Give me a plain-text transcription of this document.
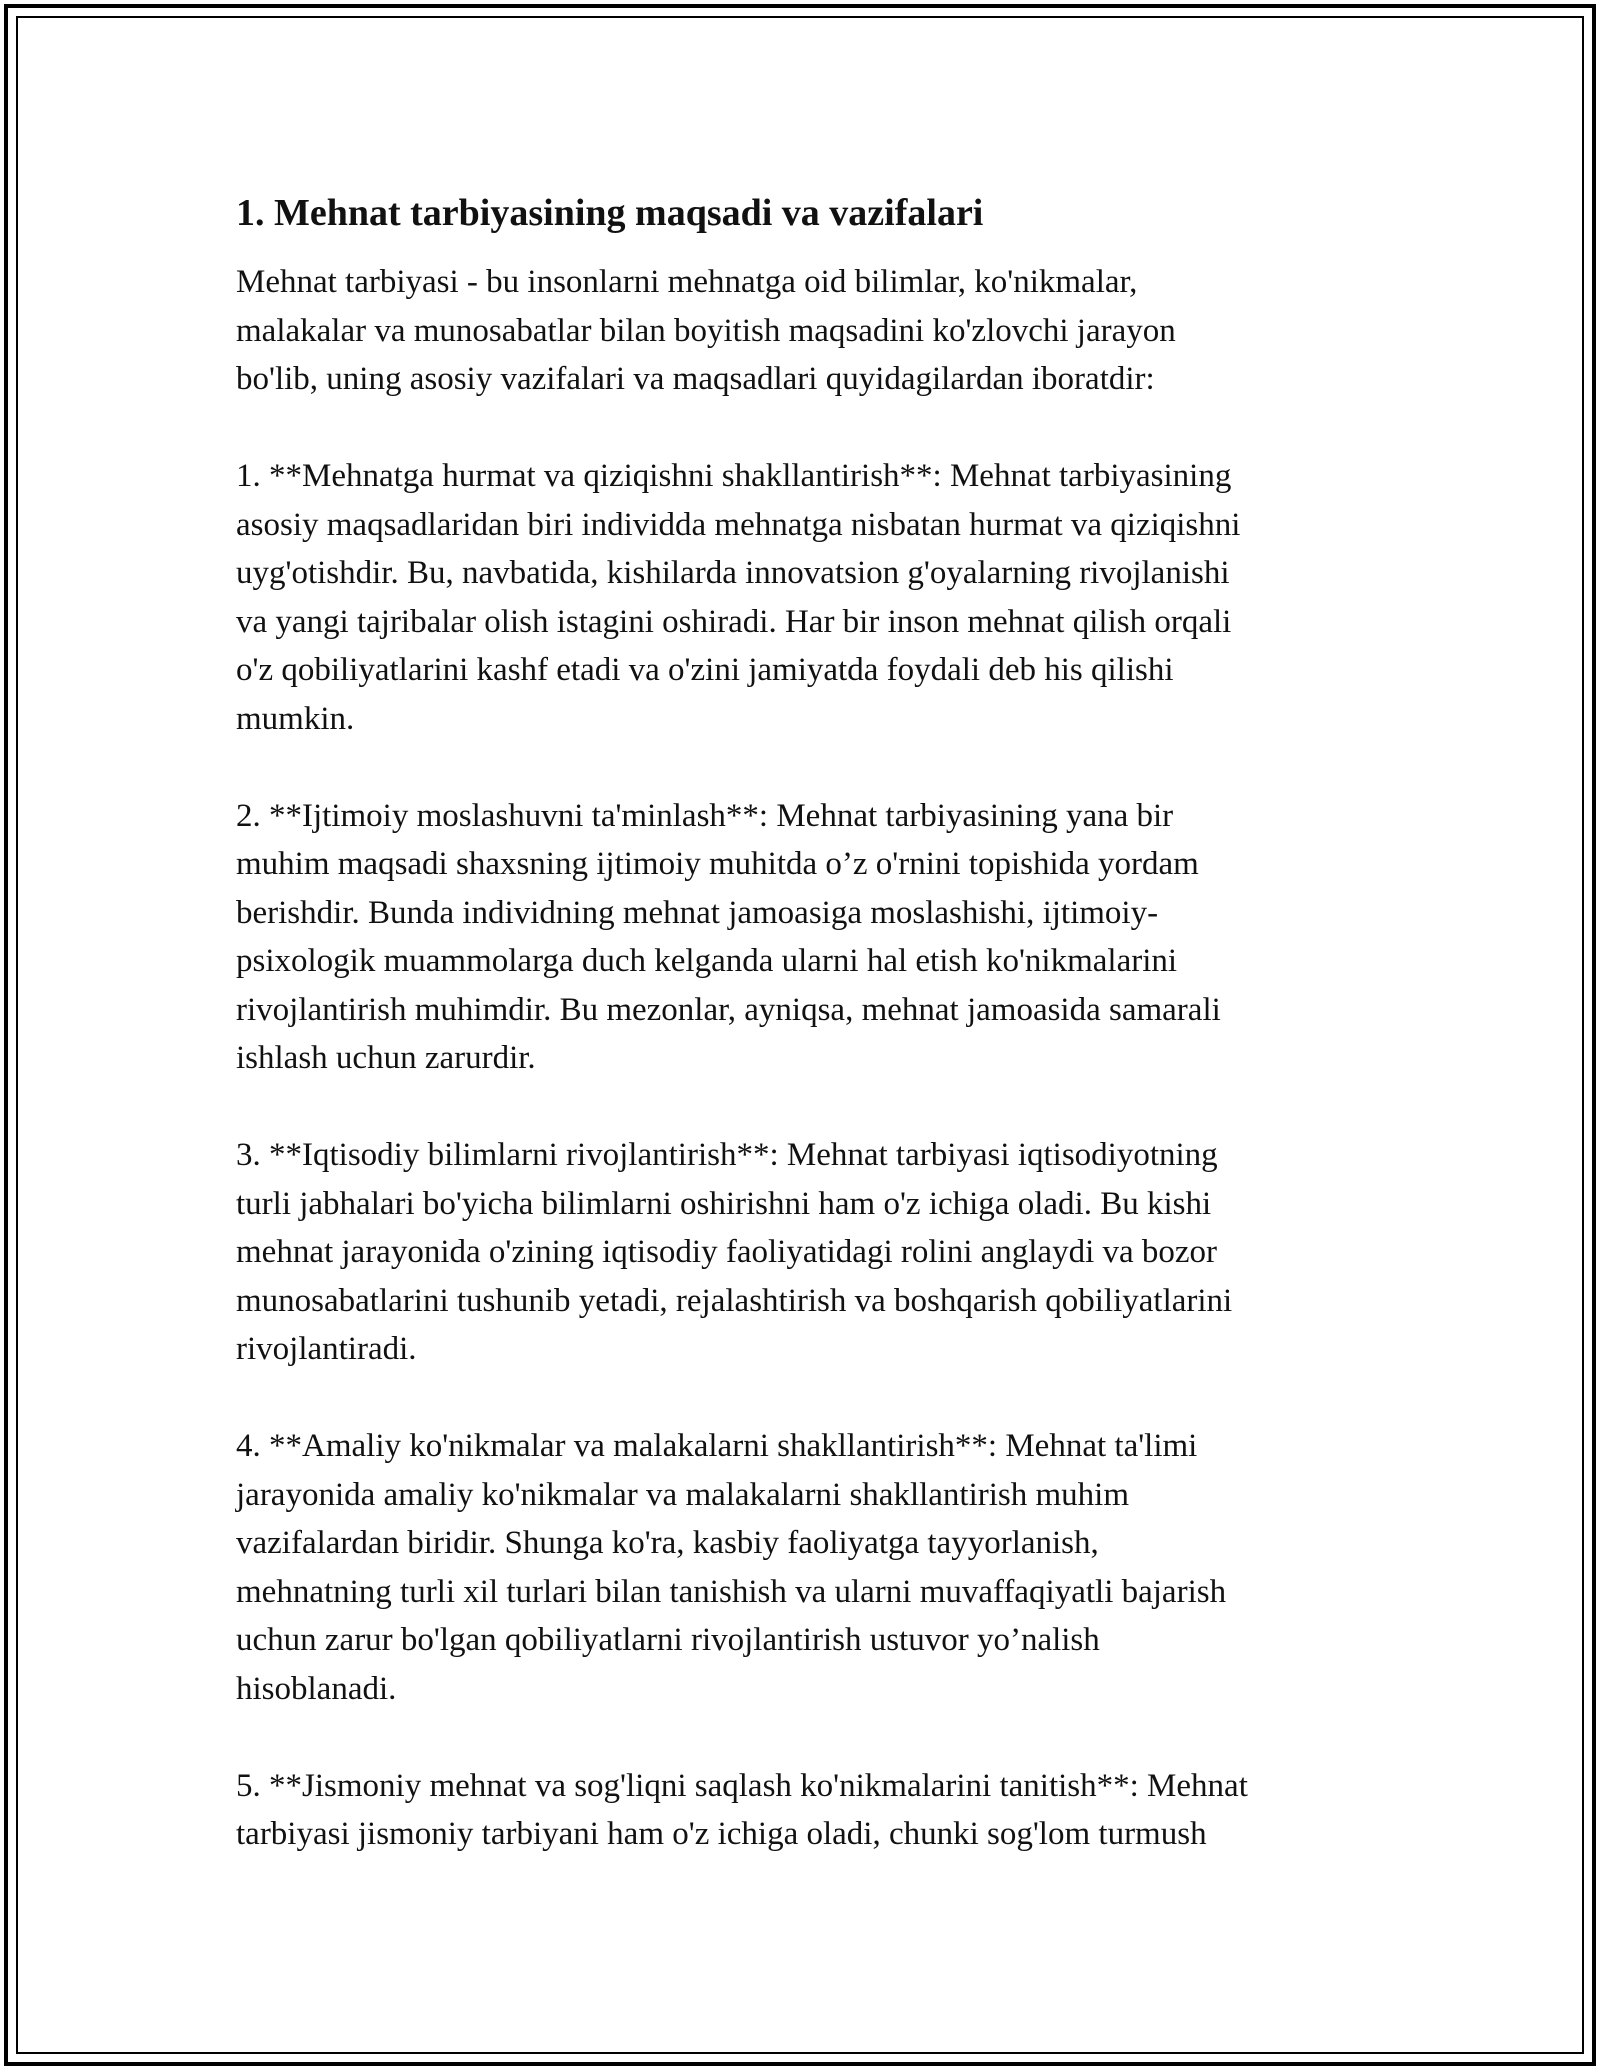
1. Mehnat tarbiyasining maqsadi va vazifalari

Mehnat tarbiyasi - bu insonlarni mehnatga oid bilimlar, ko'nikmalar,
malakalar va munosabatlar bilan boyitish maqsadini ko'zlovchi jarayon
bo'lib, uning asosiy vazifalari va maqsadlari quyidagilardan iboratdir:

1. **Mehnatga hurmat va qiziqishni shakllantirish**: Mehnat tarbiyasining
asosiy maqsadlaridan biri individda mehnatga nisbatan hurmat va qiziqishni
uyg'otishdir. Bu, navbatida, kishilarda innovatsion g'oyalarning rivojlanishi
va yangi tajribalar olish istagini oshiradi. Har bir inson mehnat qilish orqali
o'z qobiliyatlarini kashf etadi va o'zini jamiyatda foydali deb his qilishi
mumkin.

2. **Ijtimoiy moslashuvni ta'minlash**: Mehnat tarbiyasining yana bir
muhim maqsadi shaxsning ijtimoiy muhitda o’z o'rnini topishida yordam
berishdir. Bunda individning mehnat jamoasiga moslashishi, ijtimoiy-
psixologik muammolarga duch kelganda ularni hal etish ko'nikmalarini
rivojlantirish muhimdir. Bu mezonlar, ayniqsa, mehnat jamoasida samarali
ishlash uchun zarurdir.

3. **Iqtisodiy bilimlarni rivojlantirish**: Mehnat tarbiyasi iqtisodiyotning
turli jabhalari bo'yicha bilimlarni oshirishni ham o'z ichiga oladi. Bu kishi
mehnat jarayonida o'zining iqtisodiy faoliyatidagi rolini anglaydi va bozor
munosabatlarini tushunib yetadi, rejalashtirish va boshqarish qobiliyatlarini
rivojlantiradi.

4. **Amaliy ko'nikmalar va malakalarni shakllantirish**: Mehnat ta'limi
jarayonida amaliy ko'nikmalar va malakalarni shakllantirish muhim
vazifalardan biridir. Shunga ko'ra, kasbiy faoliyatga tayyorlanish,
mehnatning turli xil turlari bilan tanishish va ularni muvaffaqiyatli bajarish
uchun zarur bo'lgan qobiliyatlarni rivojlantirish ustuvor yo’nalish
hisoblanadi.

5. **Jismoniy mehnat va sog'liqni saqlash ko'nikmalarini tanitish**: Mehnat
tarbiyasi jismoniy tarbiyani ham o'z ichiga oladi, chunki sog'lom turmush
